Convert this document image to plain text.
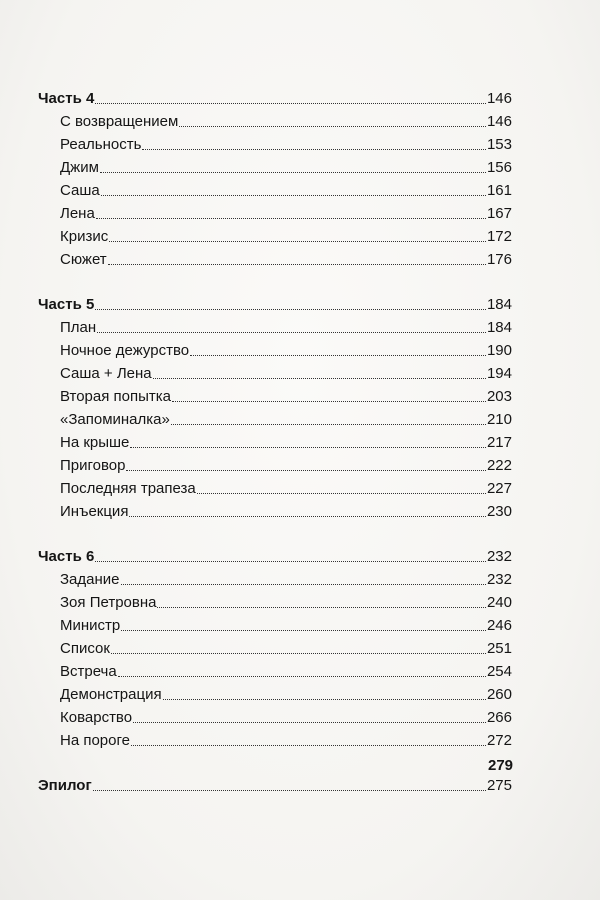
Часть 4	146
С возвращением	146
Реальность	153
Джим	156
Саша	161
Лена	167
Кризис	172
Сюжет	176
Часть 5	184
План	184
Ночное дежурство	190
Саша + Лена	194
Вторая попытка	203
«Запоминалка»	210
На крыше	217
Приговор	222
Последняя трапеза	227
Инъекция	230
Часть 6	232
Задание	232
Зоя Петровна	240
Министр	246
Список	251
Встреча	254
Демонстрация	260
Коварство	266
На пороге	272
Эпилог	275
279
